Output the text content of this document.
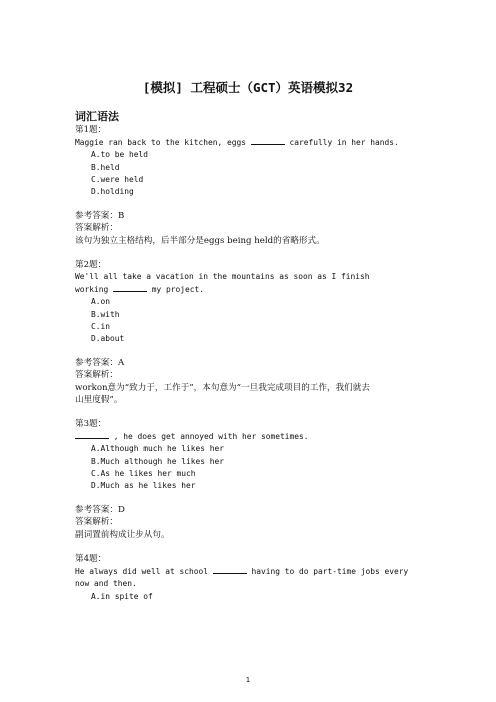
[模拟] 工程硕士（GCT）英语模拟32
词汇语法
第1题：
Maggie ran back to the kitchen, eggs	carefully in her hands.
A.to be held
B.held
C.were held
D.holding
参考答案：B
答案解析：
该句为独立主格结构，后半部分是eggs being held的省略形式。
第2题：
We'll all take a vacation in the mountains as soon as I finish
working	my project.
A.on
B.with
C.in
D.about
参考答案：A
答案解析：
workon意为“致力于，工作于”，本句意为“一旦我完成项目的工作，我们就去
山里度假”。
第3题：
, he does get annoyed with her sometimes.
A.Although much he likes her
B.Much although he likes her
C.As he likes her much
D.Much as he likes her
参考答案：D
答案解析：
副词置前构成让步从句。
第4题：
He always did well at school	having to do part-time jobs every
now and then.
A.in spite of
1
